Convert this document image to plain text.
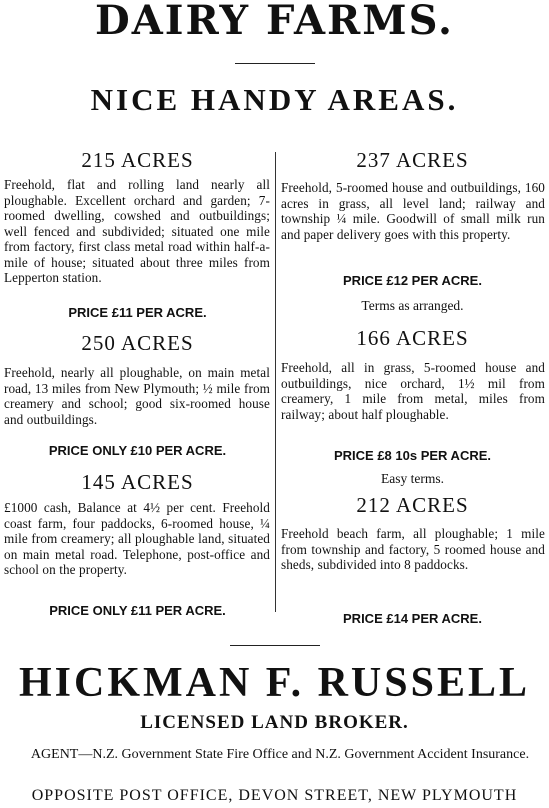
DAIRY FARMS.
NICE HANDY AREAS.
215 ACRES
Freehold, flat and rolling land nearly all ploughable. Excellent orchard and garden; 7-roomed dwelling, cowshed and outbuildings; well fenced and subdivided; situated one mile from factory, first class metal road within half-a-mile of house; situated about three miles from Lepperton station.
PRICE £11 PER ACRE.
250 ACRES
Freehold, nearly all ploughable, on main metal road, 13 miles from New Plymouth; ½ mile from creamery and school; good six-roomed house and outbuildings.
PRICE ONLY £10 PER ACRE.
145 ACRES
£1000 cash, Balance at 4½ per cent. Freehold coast farm, four paddocks, 6-roomed house, ¼ mile from creamery; all ploughable land, situated on main metal road. Telephone, post-office and school on the property.
PRICE ONLY £11 PER ACRE.
237 ACRES
Freehold, 5-roomed house and outbuildings, 160 acres in grass, all level land; railway and township ¼ mile. Goodwill of small milk run and paper delivery goes with this property.
PRICE £12 PER ACRE.
Terms as arranged.
166 ACRES
Freehold, all in grass, 5-roomed house and outbuildings, nice orchard, 1½ mil from creamery, 1 mile from metal, miles from railway; about half ploughable.
PRICE £8 10s PER ACRE.
Easy terms.
212 ACRES
Freehold beach farm, all ploughable; 1 mile from township and factory, 5 roomed house and sheds, subdivided into 8 paddocks.
PRICE £14 PER ACRE.
HICKMAN F. RUSSELL
LICENSED LAND BROKER.
AGENT—N.Z. Government State Fire Office and N.Z. Government Accident Insurance.
OPPOSITE POST OFFICE, DEVON STREET, NEW PLYMOUTH
